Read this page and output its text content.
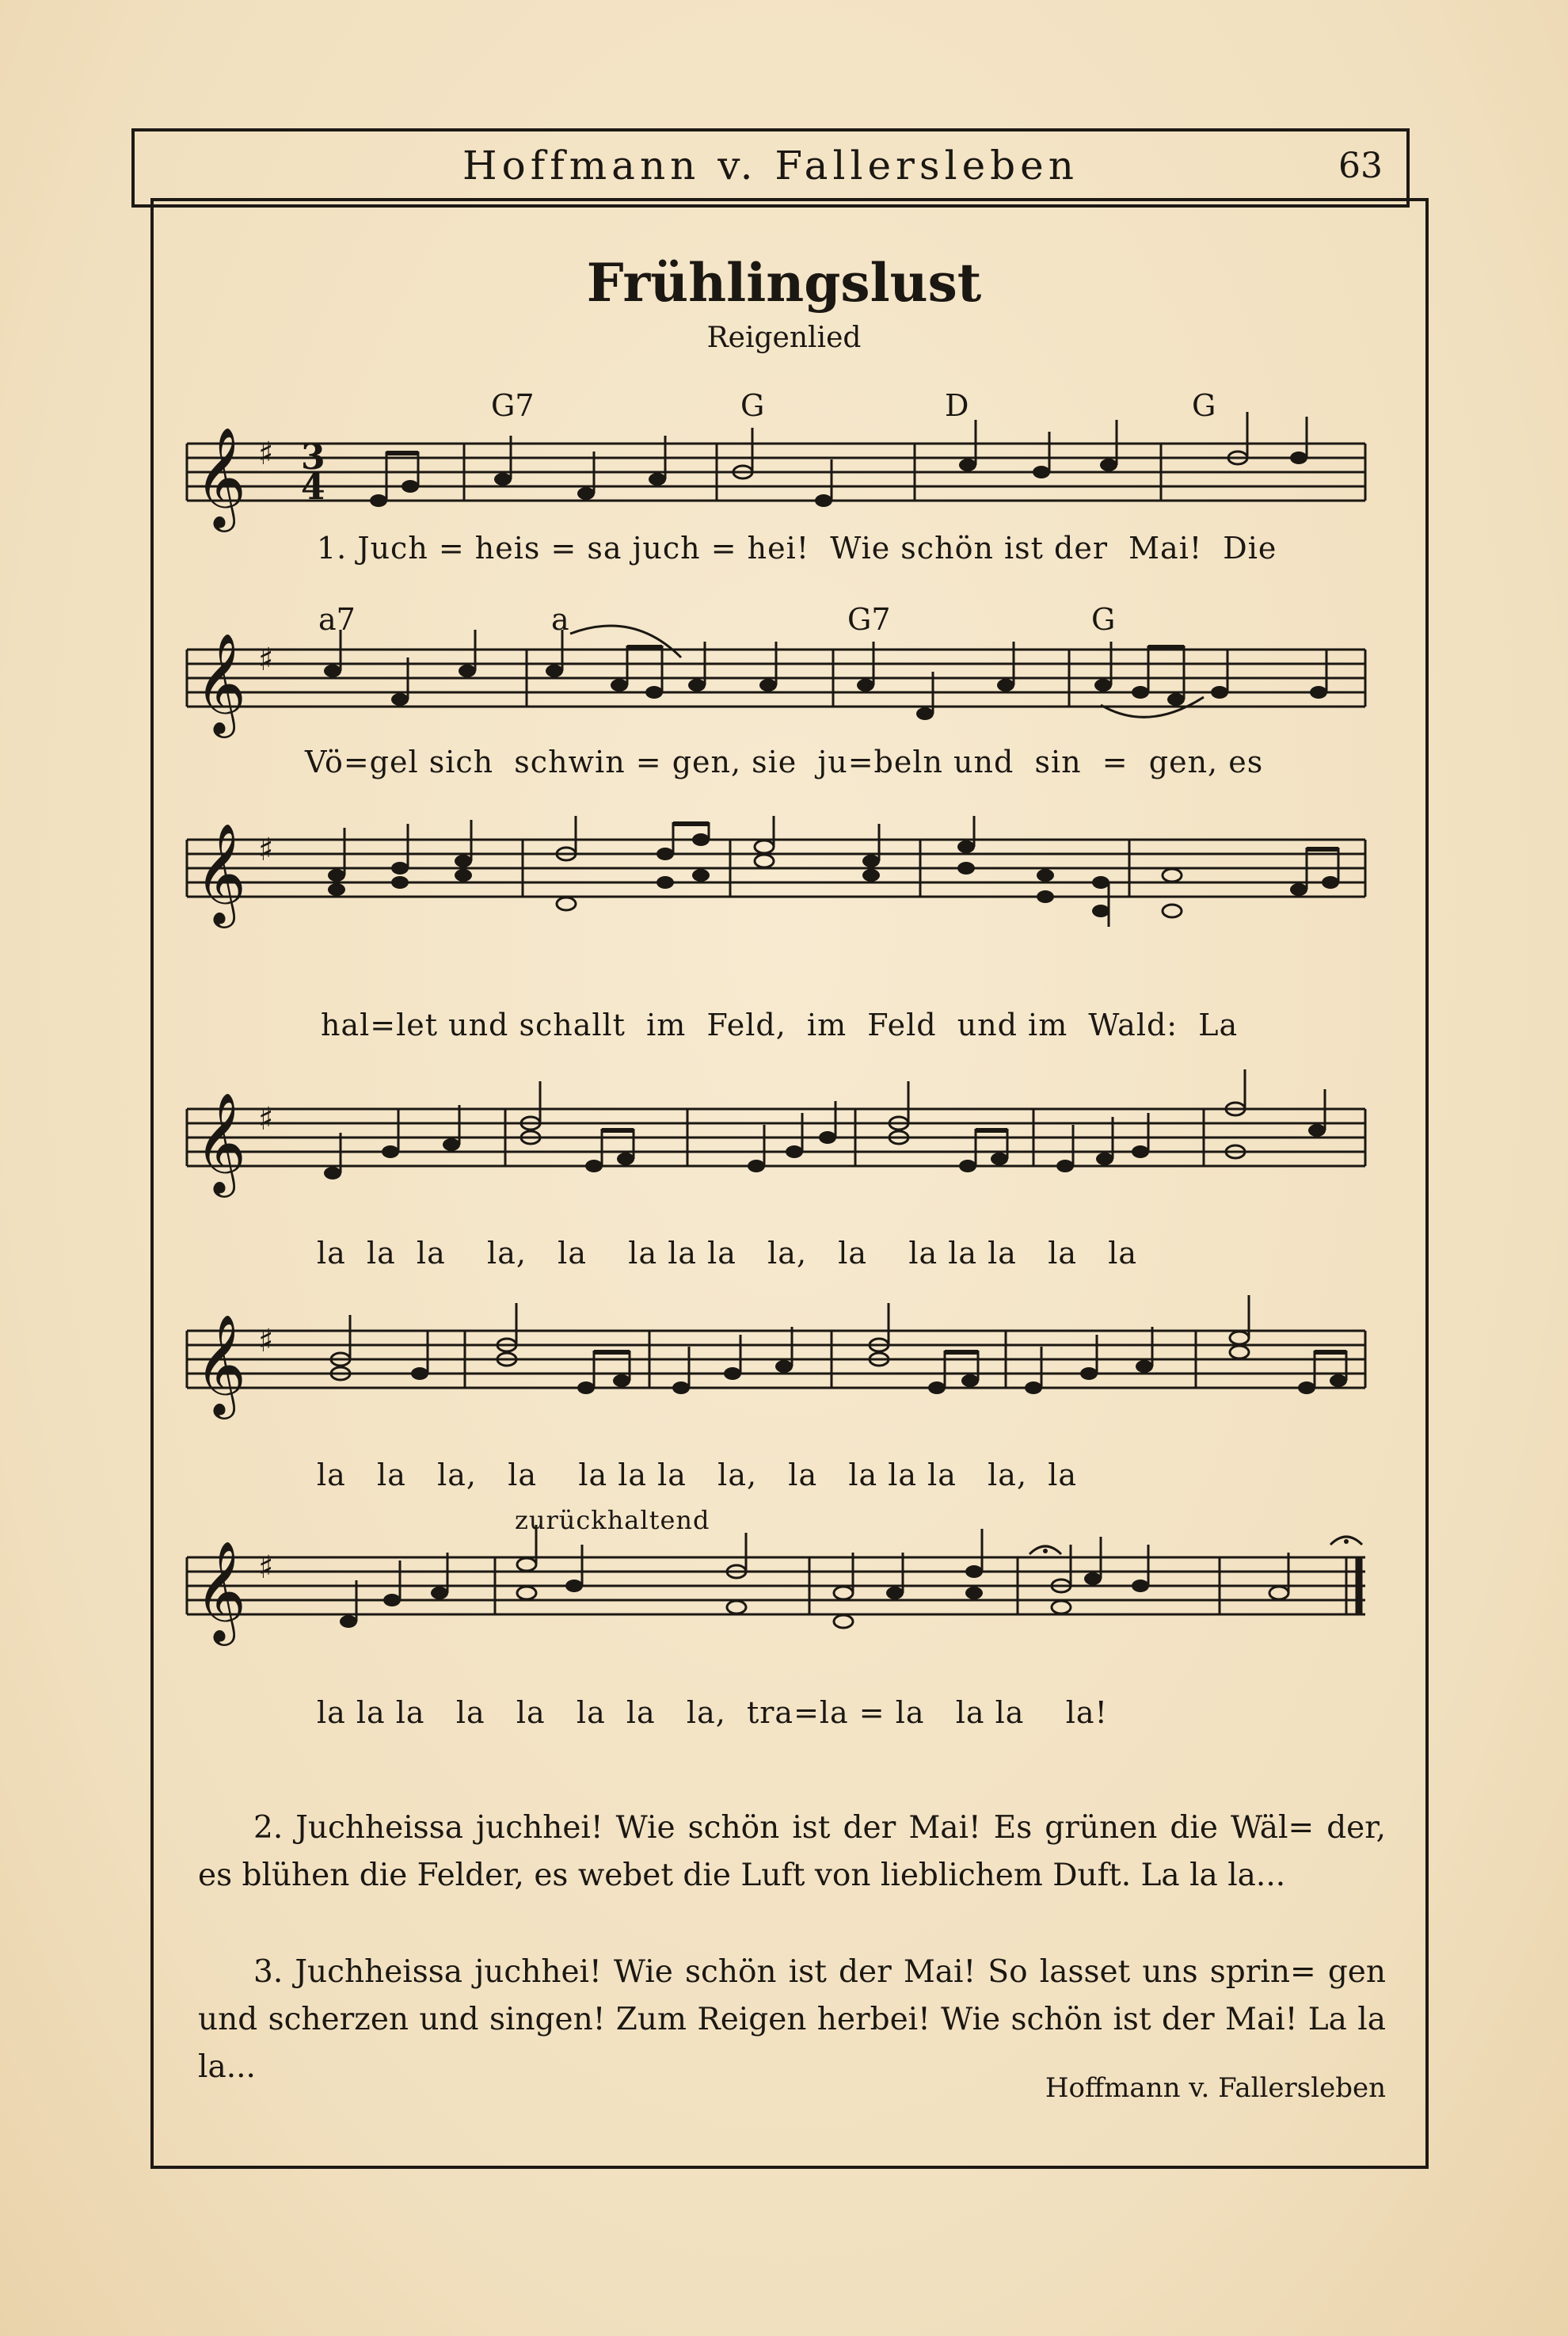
Hoffmann v. Fallersleben	63
Frühlingslust
Reigenlied
G7	G	D	G
𝄞 ♯ 3
4
1. Juch = heis = sa juch = hei!  Wie schön ist der  Mai!  Die
a7	a	G7	G
𝄞 ♯
Vö=gel sich  schwin = gen, sie  ju=beln und  sin  =  gen, es
𝄞 ♯
hal=let und schallt  im  Feld,  im  Feld  und im  Wald:  La
𝄞 ♯
la  la  la    la,   la    la la la   la,   la    la la la   la   la
𝄞 ♯
la   la   la,   la    la la la   la,   la   la la la   la,  la
zurückhaltend
𝄞 ♯
la la la   la   la   la  la   la,  tra=la = la   la la    la!
2. Juchheissa juchhei! Wie schön ist der Mai! Es grünen die Wäl= der, es blühen die Felder, es webet die Luft von lieblichem Duft. La la la...
3. Juchheissa juchhei! Wie schön ist der Mai! So lasset uns sprin= gen und scherzen und singen! Zum Reigen herbei! Wie schön ist der Mai! La la la...
Hoffmann v. Fallersleben
